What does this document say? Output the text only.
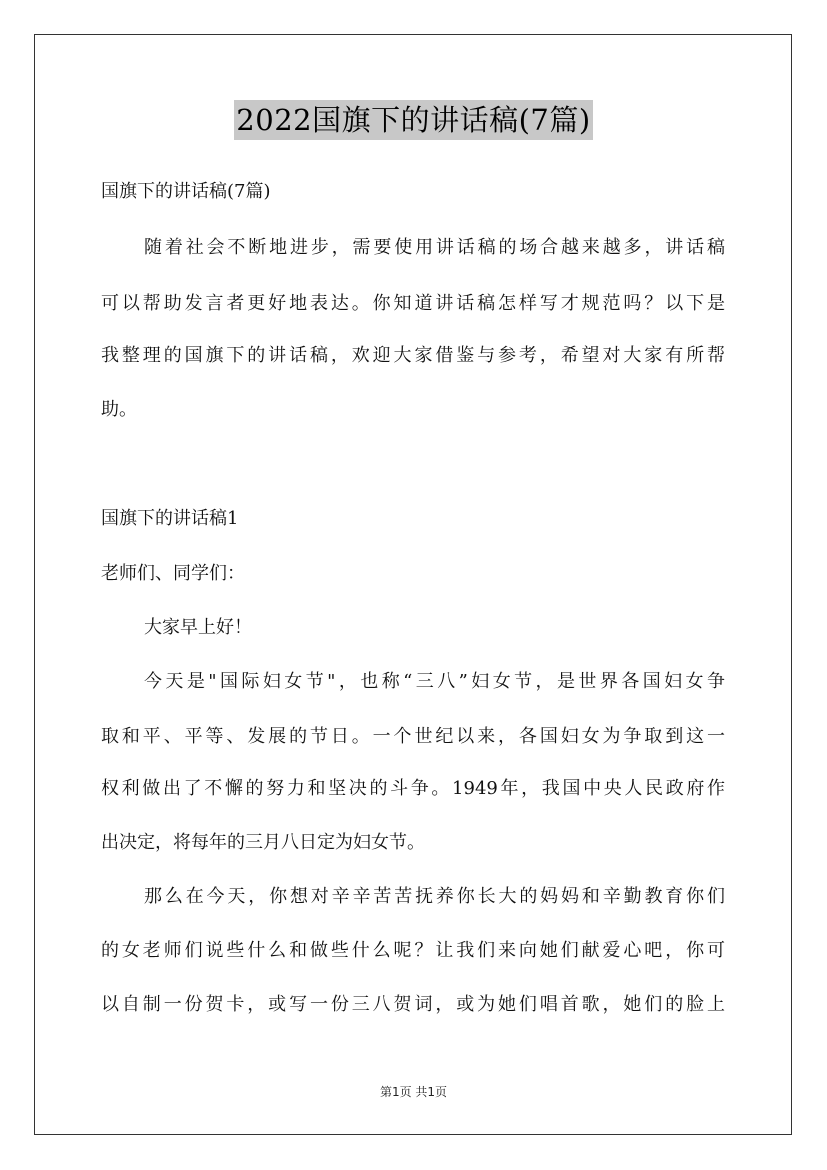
2022国旗下的讲话稿(7篇)
国旗下的讲话稿(7篇)
随着社会不断地进步，需要使用讲话稿的场合越来越多，讲话稿
可以帮助发言者更好地表达。你知道讲话稿怎样写才规范吗？以下是
我整理的国旗下的讲话稿，欢迎大家借鉴与参考，希望对大家有所帮
助。
国旗下的讲话稿1
老师们、同学们：
大家早上好！
今天是"国际妇女节"，也称“三八”妇女节，是世界各国妇女争
取和平、平等、发展的节日。一个世纪以来，各国妇女为争取到这一
权利做出了不懈的努力和坚决的斗争。1949年，我国中央人民政府作
出决定，将每年的三月八日定为妇女节。
那么在今天，你想对辛辛苦苦抚养你长大的妈妈和辛勤教育你们
的女老师们说些什么和做些什么呢？让我们来向她们献爱心吧，你可
以自制一份贺卡，或写一份三八贺词，或为她们唱首歌，她们的脸上
第1页 共1页
